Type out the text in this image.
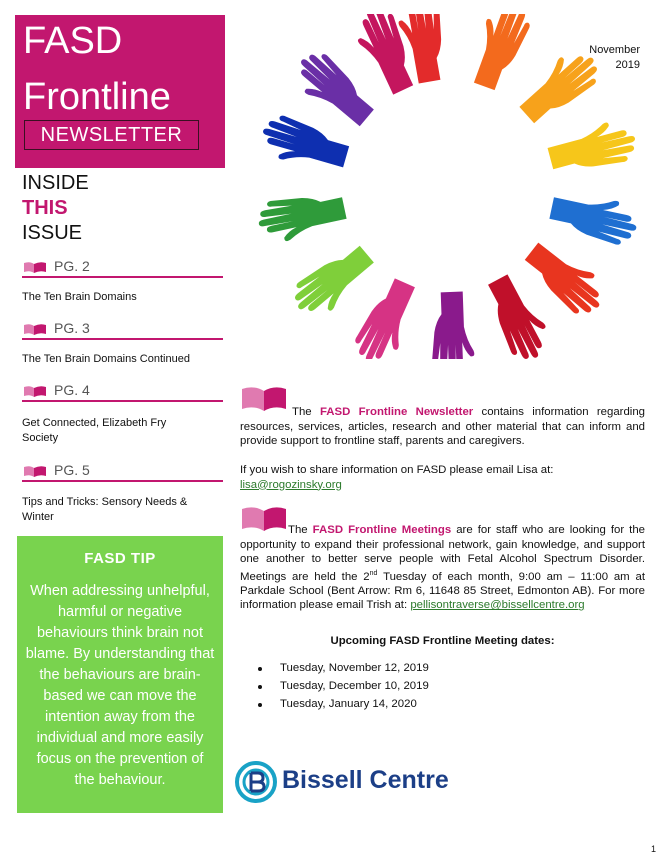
FASD
Frontline
NEWSLETTER
INSIDE
THIS
ISSUE
PG. 2
The Ten Brain Domains
PG. 3
The Ten Brain Domains Continued
PG. 4
Get Connected, Elizabeth Fry Society
PG. 5
Tips and Tricks: Sensory Needs & Winter
FASD TIP
When addressing unhelpful, harmful or negative behaviours think brain not blame. By understanding that the behaviours are brain-based we can move the intention away from the individual and more easily focus on the prevention of the behaviour.
November
2019
The FASD Frontline Newsletter contains information regarding resources, services, articles, research and other material that can inform and provide support to frontline staff, parents and caregivers.
If you wish to share information on FASD please email Lisa at:
lisa@rogozinsky.org
The FASD Frontline Meetings are for staff who are looking for the opportunity to expand their professional network, gain knowledge, and support one another to better serve people with Fetal Alcohol Spectrum Disorder. Meetings are held the 2nd Tuesday of each month, 9:00 am – 11:00 am at Parkdale School (Bent Arrow: Rm 6, 11648 85 Street, Edmonton AB). For more information please email Trish at: pellisontraverse@bissellcentre.org
Upcoming FASD Frontline Meeting dates:
Tuesday, November 12, 2019
Tuesday, December 10, 2019
Tuesday, January 14, 2020
Bissell Centre
1
